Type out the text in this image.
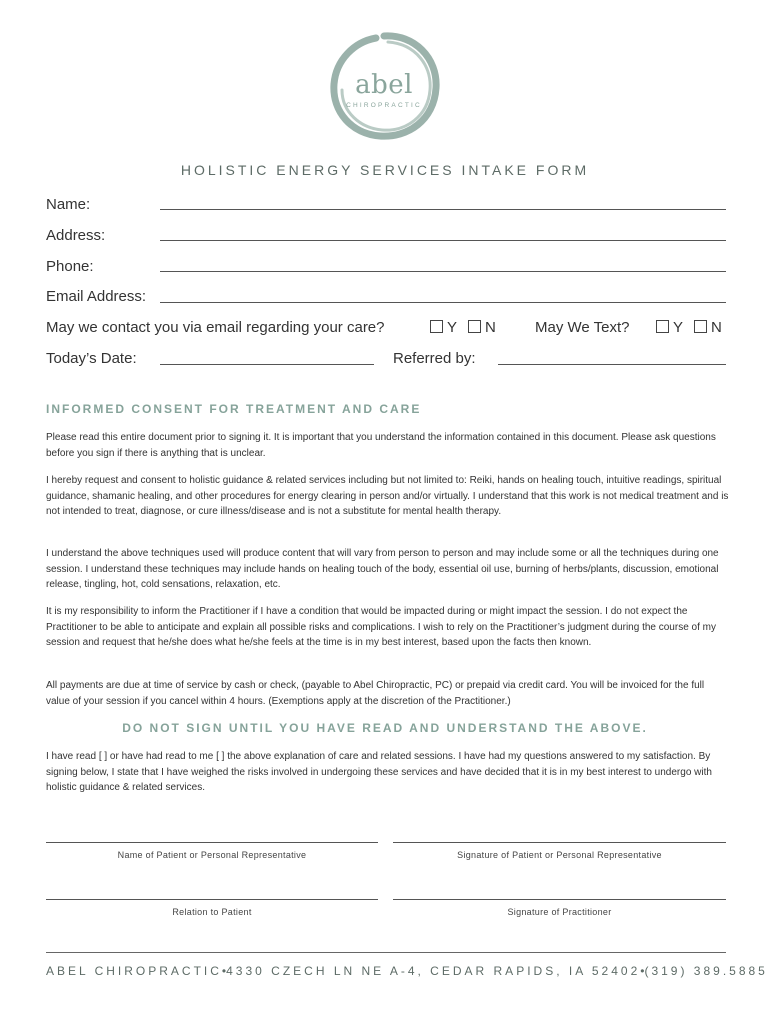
abel
CHIROPRACTIC
HOLISTIC ENERGY SERVICES INTAKE FORM
Name:
Address:
Phone:
Email Address:
May we contact you via email regarding your care?	Y N	May We Text?	Y N
Today’s Date:	Referred by:
INFORMED CONSENT FOR TREATMENT AND CARE

Please read this entire document prior to signing it. It is important that you understand the information contained in this document. Please ask questions before you sign if there is anything that is unclear.

I hereby request and consent to holistic guidance & related services including but not limited to: Reiki, hands on healing touch, intuitive readings, spiritual guidance, shamanic healing, and other procedures for energy clearing in person and/or virtually. I understand that this work is not medical treatment and is not intended to treat, diagnose, or cure illness/disease and is not a substitute for mental health therapy.

I understand the above techniques used will produce content that will vary from person to person and may include some or all the techniques during one session. I understand these techniques may include hands on healing touch of the body, essential oil use, burning of herbs/plants, discussion, emotional release, tingling, hot, cold sensations, relaxation, etc.

It is my responsibility to inform the Practitioner if I have a condition that would be impacted during or might impact the session. I do not expect the Practitioner to be able to anticipate and explain all possible risks and complications. I wish to rely on the Practitioner’s judgment during the course of my session and request that he/she does what he/she feels at the time is in my best interest, based upon the facts then known.

All payments are due at time of service by cash or check, (payable to Abel Chiropractic, PC) or prepaid via credit card. You will be invoiced for the full value of your session if you cancel within 4 hours. (Exemptions apply at the discretion of the Practitioner.)

DO NOT SIGN UNTIL YOU HAVE READ AND UNDERSTAND THE ABOVE.

I have read [ ] or have had read to me [ ] the above explanation of care and related sessions. I have had my questions answered to my satisfaction. By signing below, I state that I have weighed the risks involved in undergoing these services and have decided that it is in my best interest to undergo with holistic guidance & related services.

Name of Patient or Personal Representative	Signature of Patient or Personal Representative
Relation to Patient	Signature of Practitioner
ABEL CHIROPRACTIC • 4330 CZECH LN NE A-4, CEDAR RAPIDS, IA 52402 • (319) 389.5885
